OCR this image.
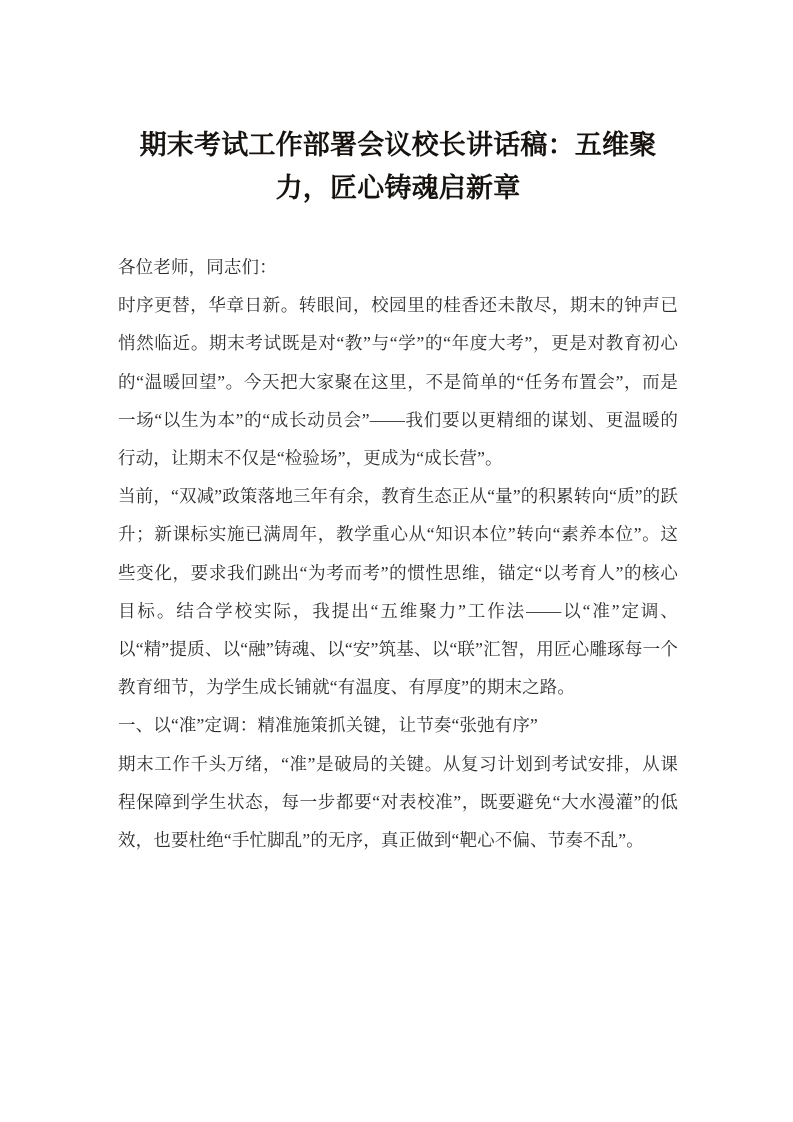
期末考试工作部署会议校长讲话稿：五维聚力，匠心铸魂启新章

各位老师，同志们：

时序更替，华章日新。转眼间，校园里的桂香还未散尽，期末的钟声已悄然临近。期末考试既是对“教”与“学”的“年度大考”，更是对教育初心的“温暖回望”。今天把大家聚在这里，不是简单的“任务布置会”，而是一场“以生为本”的“成长动员会”——我们要以更精细的谋划、更温暖的行动，让期末不仅是“检验场”，更成为“成长营”。

当前，“双减”政策落地三年有余，教育生态正从“量”的积累转向“质”的跃升；新课标实施已满周年，教学重心从“知识本位”转向“素养本位”。这些变化，要求我们跳出“为考而考”的惯性思维，锚定“以考育人”的核心目标。结合学校实际，我提出“五维聚力”工作法——以“准”定调、以“精”提质、以“融”铸魂、以“安”筑基、以“联”汇智，用匠心雕琢每一个教育细节，为学生成长铺就“有温度、有厚度”的期末之路。

一、以“准”定调：精准施策抓关键，让节奏“张弛有序”

期末工作千头万绪，“准”是破局的关键。从复习计划到考试安排，从课程保障到学生状态，每一步都要“对表校准”，既要避免“大水漫灌”的低效，也要杜绝“手忙脚乱”的无序，真正做到“靶心不偏、节奏不乱”。
